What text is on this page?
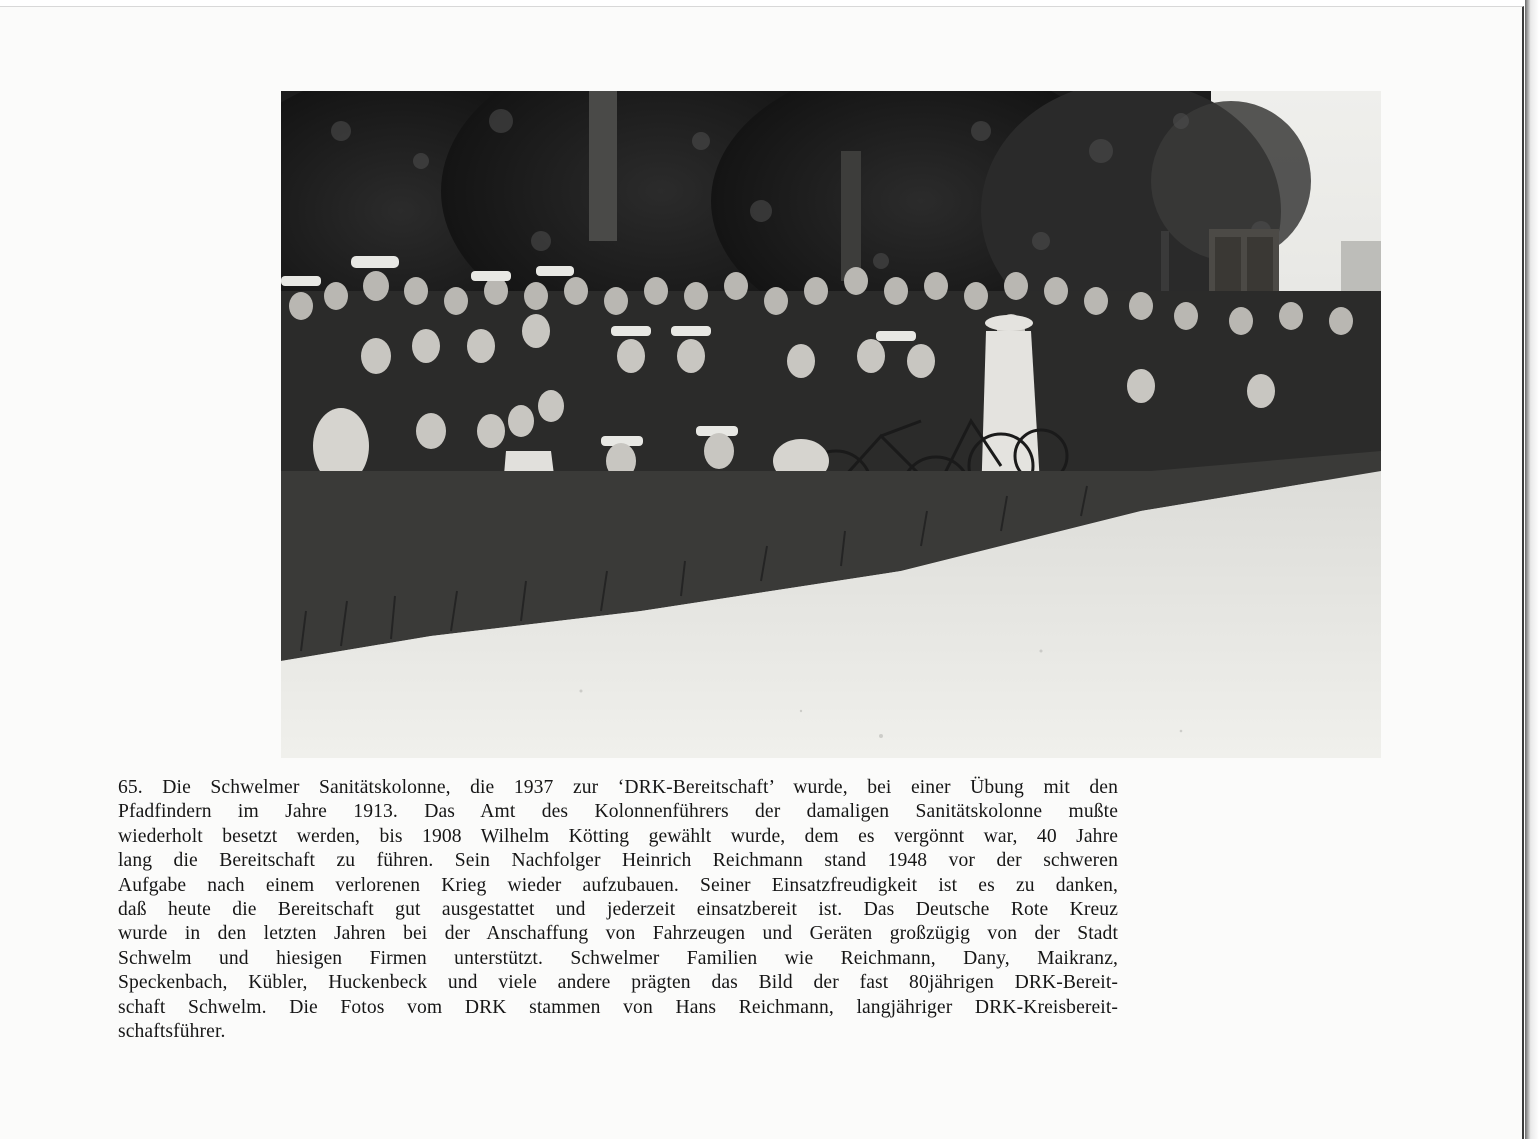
65. Die Schwelmer Sanitätskolonne, die 1937 zur ‘DRK-Bereitschaft’ wurde, bei einer Übung mit den
Pfadfindern im Jahre 1913. Das Amt des Kolonnenführers der damaligen Sanitätskolonne mußte
wiederholt besetzt werden, bis 1908 Wilhelm Kötting gewählt wurde, dem es vergönnt war, 40 Jahre
lang die Bereitschaft zu führen. Sein Nachfolger Heinrich Reichmann stand 1948 vor der schweren
Aufgabe nach einem verlorenen Krieg wieder aufzubauen. Seiner Einsatzfreudigkeit ist es zu danken,
daß heute die Bereitschaft gut ausgestattet und jederzeit einsatzbereit ist. Das Deutsche Rote Kreuz
wurde in den letzten Jahren bei der Anschaffung von Fahrzeugen und Geräten großzügig von der Stadt
Schwelm und hiesigen Firmen unterstützt. Schwelmer Familien wie Reichmann, Dany, Maikranz,
Speckenbach, Kübler, Huckenbeck und viele andere prägten das Bild der fast 80jährigen DRK-Bereit-
schaft Schwelm. Die Fotos vom DRK stammen von Hans Reichmann, langjähriger DRK-Kreisbereit-
schaftsführer.
